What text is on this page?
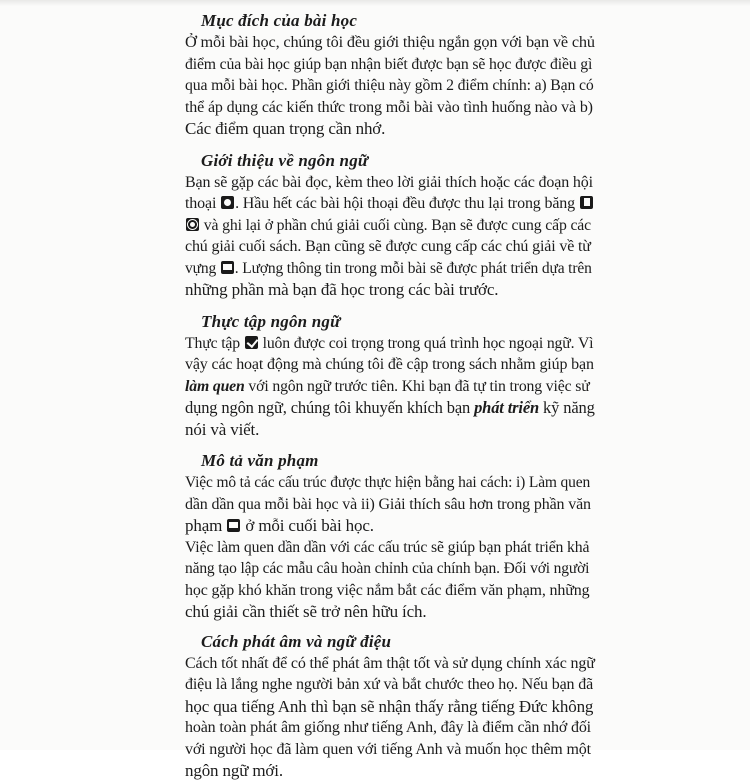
Mục đích của bài học

Ở mỗi bài học, chúng tôi đều giới thiệu ngắn gọn với bạn về chủ
điểm của bài học giúp bạn nhận biết được bạn sẽ học được điều gì
qua mỗi bài học. Phần giới thiệu này gồm 2 điểm chính: a) Bạn có
thể áp dụng các kiến thức trong mỗi bài vào tình huống nào và b)
Các điểm quan trọng cần nhớ.

Giới thiệu về ngôn ngữ

Bạn sẽ gặp các bài đọc, kèm theo lời giải thích hoặc các đoạn hội
thoại . Hầu hết các bài hội thoại đều được thu lại trong băng
và ghi lại ở phần chú giải cuối cùng. Bạn sẽ được cung cấp các
chú giải cuối sách. Bạn cũng sẽ được cung cấp các chú giải về từ
vựng . Lượng thông tin trong mỗi bài sẽ được phát triển dựa trên
những phần mà bạn đã học trong các bài trước.

Thực tập ngôn ngữ

Thực tập luôn được coi trọng trong quá trình học ngoại ngữ. Vì
vậy các hoạt động mà chúng tôi đề cập trong sách nhằm giúp bạn
làm quen với ngôn ngữ trước tiên. Khi bạn đã tự tin trong việc sử
dụng ngôn ngữ, chúng tôi khuyến khích bạn phát triển kỹ năng
nói và viết.

Mô tả văn phạm

Việc mô tả các cấu trúc được thực hiện bằng hai cách: i) Làm quen
dần dần qua mỗi bài học và ii) Giải thích sâu hơn trong phần văn
phạm ở mỗi cuối bài học.
Việc làm quen dần dần với các cấu trúc sẽ giúp bạn phát triển khả
năng tạo lập các mẫu câu hoàn chỉnh của chính bạn. Đối với người
học gặp khó khăn trong việc nắm bắt các điểm văn phạm, những
chú giải cần thiết sẽ trở nên hữu ích.

Cách phát âm và ngữ điệu

Cách tốt nhất để có thể phát âm thật tốt và sử dụng chính xác ngữ
điệu là lắng nghe người bản xứ và bắt chước theo họ. Nếu bạn đã
học qua tiếng Anh thì bạn sẽ nhận thấy rằng tiếng Đức không
hoàn toàn phát âm giống như tiếng Anh, đây là điểm cần nhớ đối
với người học đã làm quen với tiếng Anh và muốn học thêm một
ngôn ngữ mới.
